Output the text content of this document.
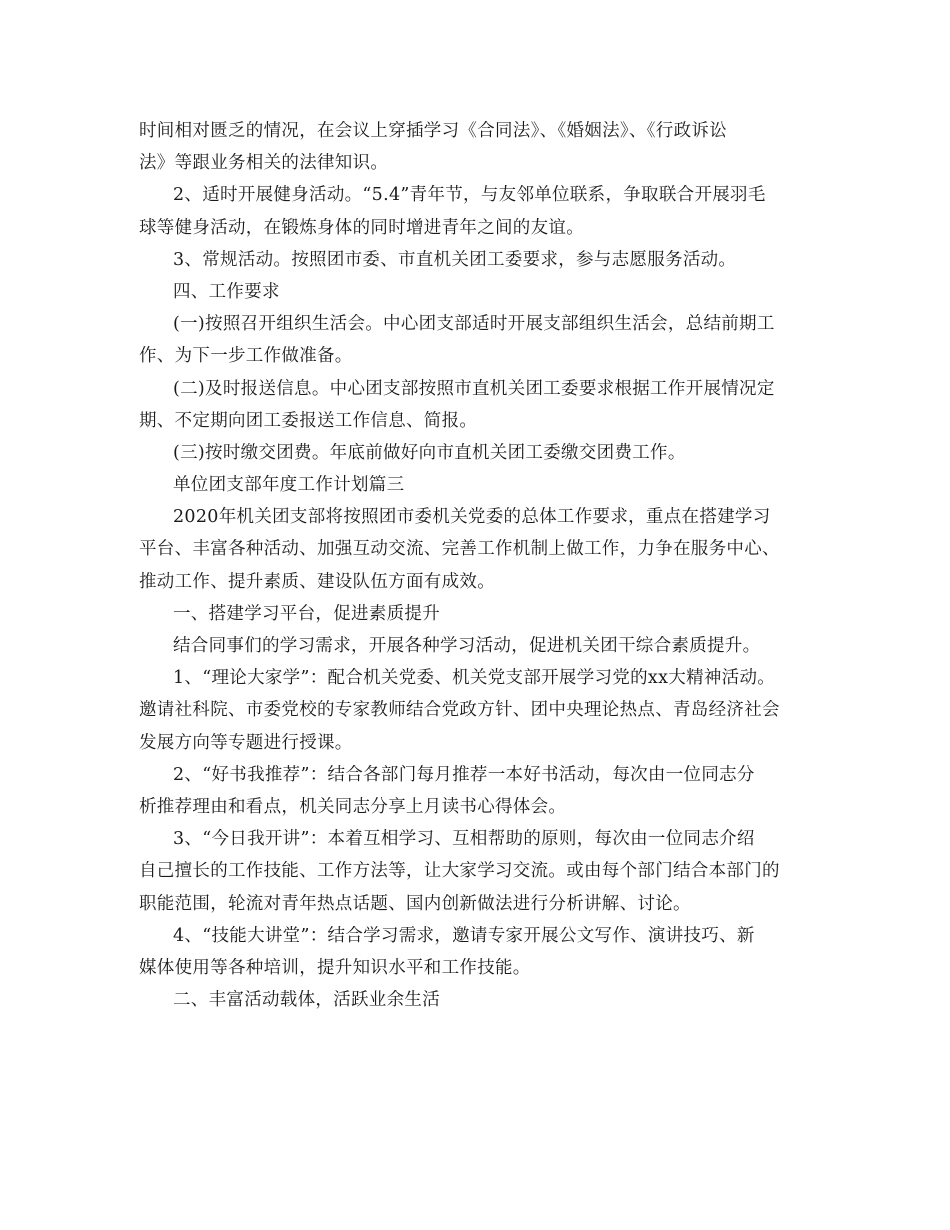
时间相对匮乏的情况，在会议上穿插学习《合同法》、《婚姻法》、《行政诉讼
法》等跟业务相关的法律知识。
2、适时开展健身活动。“5.4”青年节，与友邻单位联系，争取联合开展羽毛
球等健身活动，在锻炼身体的同时增进青年之间的友谊。
3、常规活动。按照团市委、市直机关团工委要求，参与志愿服务活动。
四、工作要求
(一)按照召开组织生活会。中心团支部适时开展支部组织生活会，总结前期工
作、为下一步工作做准备。
(二)及时报送信息。中心团支部按照市直机关团工委要求根据工作开展情况定
期、不定期向团工委报送工作信息、简报。
(三)按时缴交团费。年底前做好向市直机关团工委缴交团费工作。
单位团支部年度工作计划篇三
2020年机关团支部将按照团市委机关党委的总体工作要求，重点在搭建学习
平台、丰富各种活动、加强互动交流、完善工作机制上做工作，力争在服务中心、
推动工作、提升素质、建设队伍方面有成效。
一、搭建学习平台，促进素质提升
结合同事们的学习需求，开展各种学习活动，促进机关团干综合素质提升。
1、“理论大家学”：配合机关党委、机关党支部开展学习党的xx大精神活动。
邀请社科院、市委党校的专家教师结合党政方针、团中央理论热点、青岛经济社会
发展方向等专题进行授课。
2、“好书我推荐”：结合各部门每月推荐一本好书活动，每次由一位同志分
析推荐理由和看点，机关同志分享上月读书心得体会。
3、“今日我开讲”：本着互相学习、互相帮助的原则，每次由一位同志介绍
自己擅长的工作技能、工作方法等，让大家学习交流。或由每个部门结合本部门的
职能范围，轮流对青年热点话题、国内创新做法进行分析讲解、讨论。
4、“技能大讲堂”：结合学习需求，邀请专家开展公文写作、演讲技巧、新
媒体使用等各种培训，提升知识水平和工作技能。
二、丰富活动载体，活跃业余生活
